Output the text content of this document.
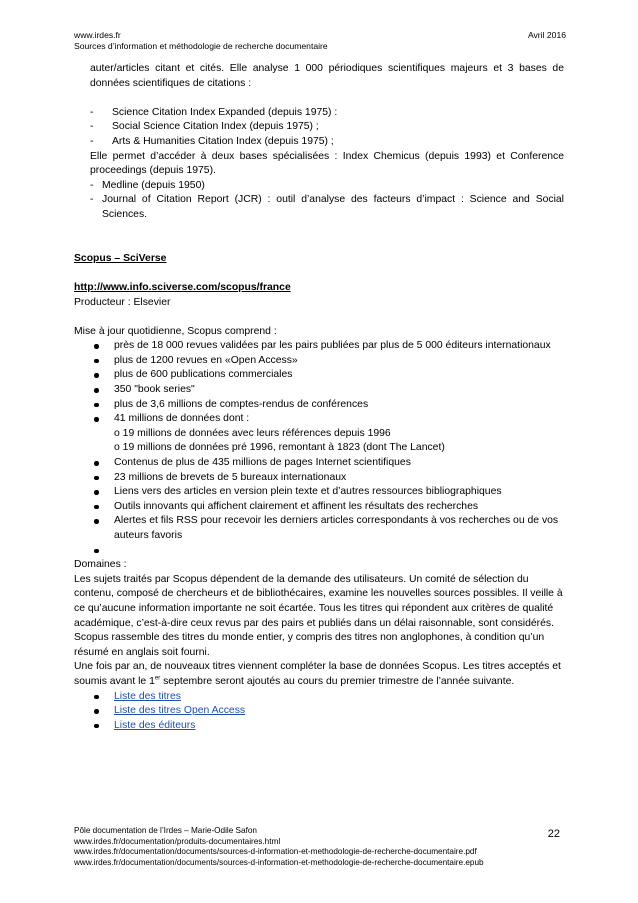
www.irdes.fr
Sources d’information et méthodologie de recherche documentaire
Avril 2016
auter/articles citant et cités. Elle analyse 1 000 périodiques scientifiques majeurs et 3 bases de données scientifiques de citations :
-	Science Citation Index Expanded (depuis 1975) :
-	Social Science Citation Index (depuis 1975) ;
-	Arts & Humanities Citation Index (depuis 1975) ;
Elle permet d’accéder à deux bases spécialisées : Index Chemicus (depuis 1993) et Conference proceedings (depuis 1975).
- Medline (depuis 1950)
- Journal of Citation Report (JCR) : outil d’analyse des facteurs d’impact : Science and Social Sciences.
Scopus – SciVerse
http://www.info.sciverse.com/scopus/france
Producteur : Elsevier
Mise à jour quotidienne, Scopus comprend :
près de 18 000 revues validées par les pairs publiées par plus de 5 000 éditeurs internationaux
plus de 1200 revues en «Open Access»
plus de 600 publications commerciales
350 "book series"
plus de 3,6 millions de comptes-rendus de conférences
41 millions de données dont :
o 19 millions de données avec leurs références depuis 1996
o 19 millions de données pré 1996, remontant à 1823 (dont The Lancet)
Contenus de plus de 435 millions de pages Internet scientifiques
23 millions de brevets de 5 bureaux internationaux
Liens vers des articles en version plein texte et d’autres ressources bibliographiques
Outils innovants qui affichent clairement et affinent les résultats des recherches
Alertes et fils RSS pour recevoir les derniers articles correspondants à vos recherches ou de vos auteurs favoris

Domaines :
Les sujets traités par Scopus dépendent de la demande des utilisateurs. Un comité de sélection du contenu, composé de chercheurs et de bibliothécaires, examine les nouvelles sources possibles. Il veille à ce qu’aucune information importante ne soit écartée. Tous les titres qui répondent aux critères de qualité académique, c’est-à-dire ceux revus par des pairs et publiés dans un délai raisonnable, sont considérés. Scopus rassemble des titres du monde entier, y compris des titres non anglophones, à condition qu’un résumé en anglais soit fourni.
Une fois par an, de nouveaux titres viennent compléter la base de données Scopus. Les titres acceptés et soumis avant le 1er septembre seront ajoutés au cours du premier trimestre de l’année suivante.
Liste des titres
Liste des titres Open Access
Liste des éditeurs
Pôle documentation de l’Irdes – Marie-Odile Safon
www.irdes.fr/documentation/produits-documentaires.html
www.irdes.fr/documentation/documents/sources-d-information-et-methodologie-de-recherche-documentaire.pdf
www.irdes.fr/documentation/documents/sources-d-information-et-methodologie-de-recherche-documentaire.epub
22
